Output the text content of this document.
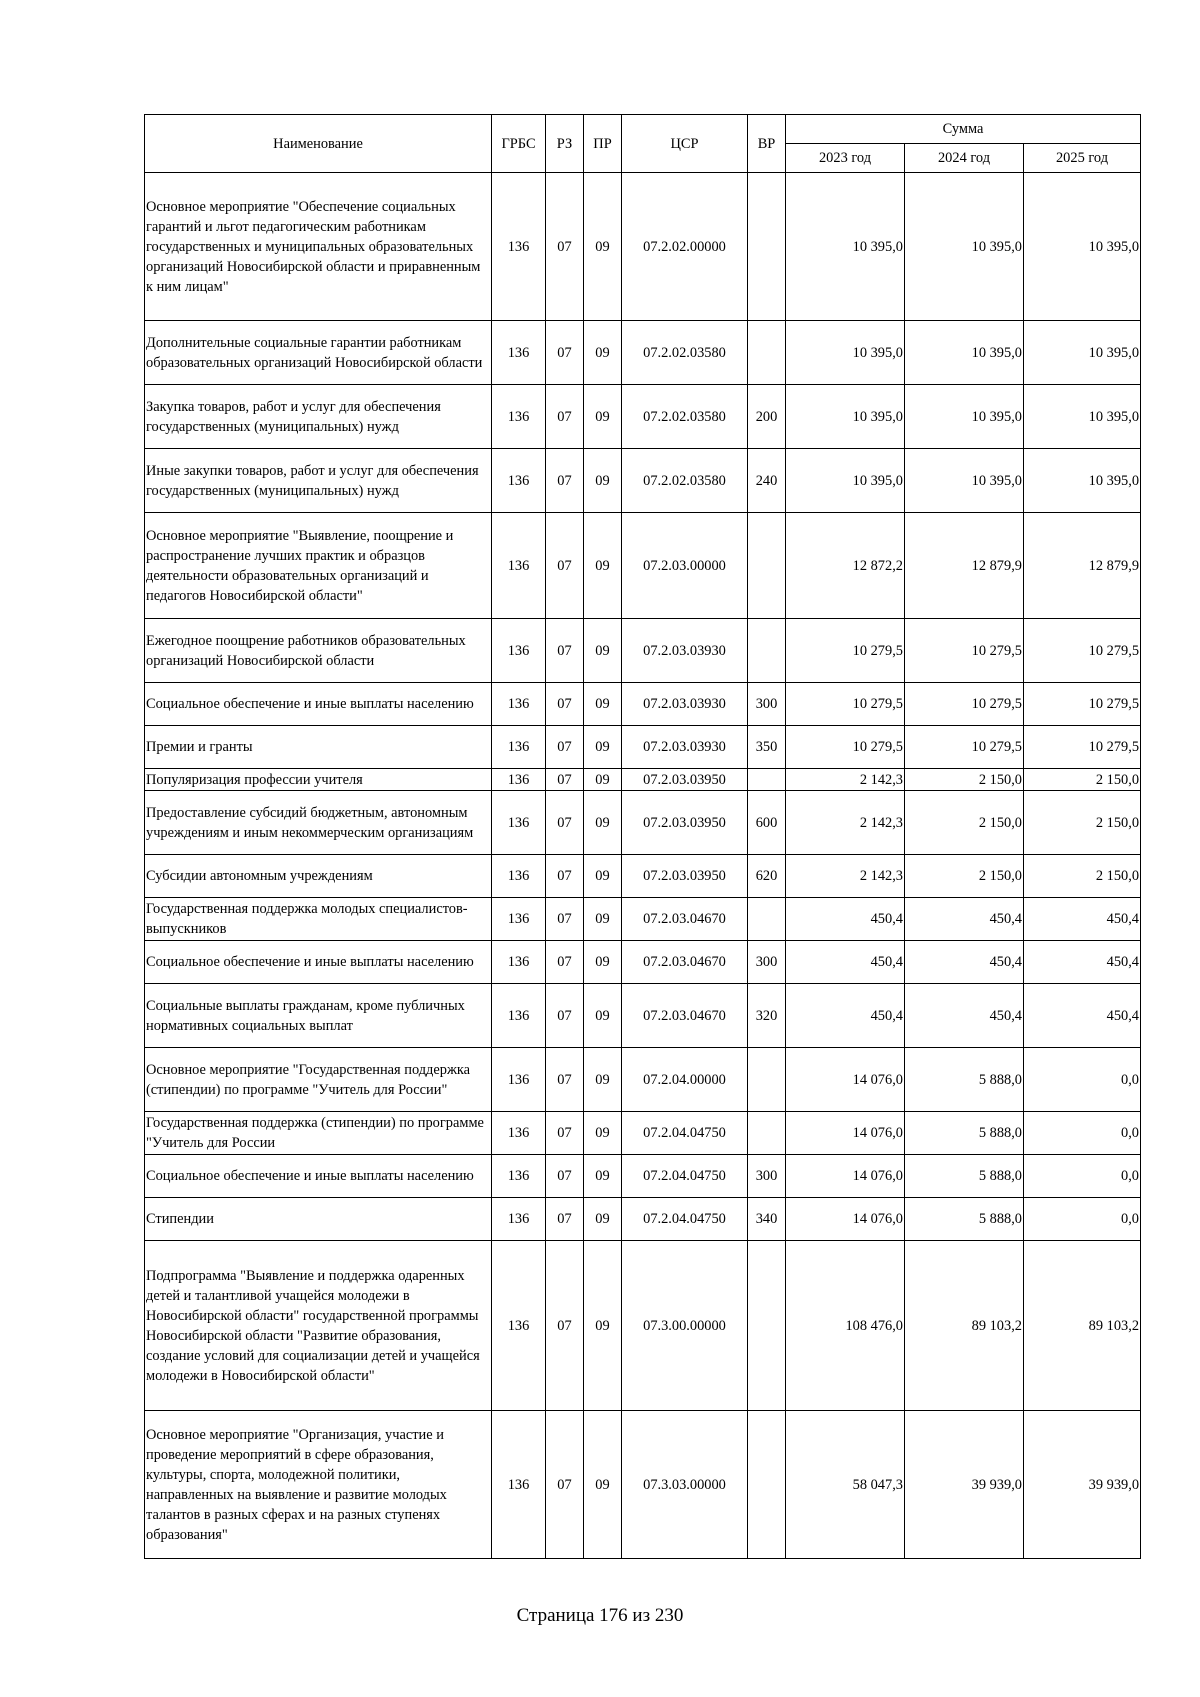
Наименование	ГРБС	РЗ	ПР	ЦСР	ВР	Сумма		
						2023 год	2024 год	2025 год
Основное мероприятие "Обеспечение социальных гарантий и льгот педагогическим работникам государственных и муниципальных образовательных организаций Новосибирской области и приравненным к ним лицам"	136	07	09	07.2.02.00000		10 395,0	10 395,0	10 395,0
Дополнительные социальные гарантии работникам образовательных организаций Новосибирской области	136	07	09	07.2.02.03580		10 395,0	10 395,0	10 395,0
Закупка товаров, работ и услуг для обеспечения государственных (муниципальных) нужд	136	07	09	07.2.02.03580	200	10 395,0	10 395,0	10 395,0
Иные закупки товаров, работ и услуг для обеспечения государственных (муниципальных) нужд	136	07	09	07.2.02.03580	240	10 395,0	10 395,0	10 395,0
Основное мероприятие "Выявление, поощрение и распространение лучших практик и образцов деятельности образовательных организаций и педагогов Новосибирской области"	136	07	09	07.2.03.00000		12 872,2	12 879,9	12 879,9
Ежегодное поощрение работников образовательных организаций Новосибирской области	136	07	09	07.2.03.03930		10 279,5	10 279,5	10 279,5
Социальное обеспечение и иные выплаты населению	136	07	09	07.2.03.03930	300	10 279,5	10 279,5	10 279,5
Премии и гранты	136	07	09	07.2.03.03930	350	10 279,5	10 279,5	10 279,5
Популяризация профессии учителя	136	07	09	07.2.03.03950		2 142,3	2 150,0	2 150,0
Предоставление субсидий бюджетным, автономным учреждениям и иным некоммерческим организациям	136	07	09	07.2.03.03950	600	2 142,3	2 150,0	2 150,0
Субсидии автономным учреждениям	136	07	09	07.2.03.03950	620	2 142,3	2 150,0	2 150,0
Государственная поддержка молодых специалистов-выпускников	136	07	09	07.2.03.04670		450,4	450,4	450,4
Социальное обеспечение и иные выплаты населению	136	07	09	07.2.03.04670	300	450,4	450,4	450,4
Социальные выплаты гражданам, кроме публичных нормативных социальных выплат	136	07	09	07.2.03.04670	320	450,4	450,4	450,4
Основное мероприятие "Государственная поддержка (стипендии) по программе "Учитель для России"	136	07	09	07.2.04.00000		14 076,0	5 888,0	0,0
Государственная поддержка (стипендии) по программе "Учитель для России	136	07	09	07.2.04.04750		14 076,0	5 888,0	0,0
Социальное обеспечение и иные выплаты населению	136	07	09	07.2.04.04750	300	14 076,0	5 888,0	0,0
Стипендии	136	07	09	07.2.04.04750	340	14 076,0	5 888,0	0,0
Подпрограмма "Выявление и поддержка одаренных детей и талантливой учащейся молодежи в Новосибирской области" государственной программы Новосибирской области "Развитие образования, создание условий для социализации детей и учащейся молодежи в Новосибирской области"	136	07	09	07.3.00.00000		108 476,0	89 103,2	89 103,2
Основное мероприятие "Организация, участие и проведение мероприятий в сфере образования, культуры, спорта, молодежной политики, направленных на выявление и развитие молодых талантов в разных сферах и на разных ступенях образования"	136	07	09	07.3.03.00000		58 047,3	39 939,0	39 939,0
Страница 176 из 230
